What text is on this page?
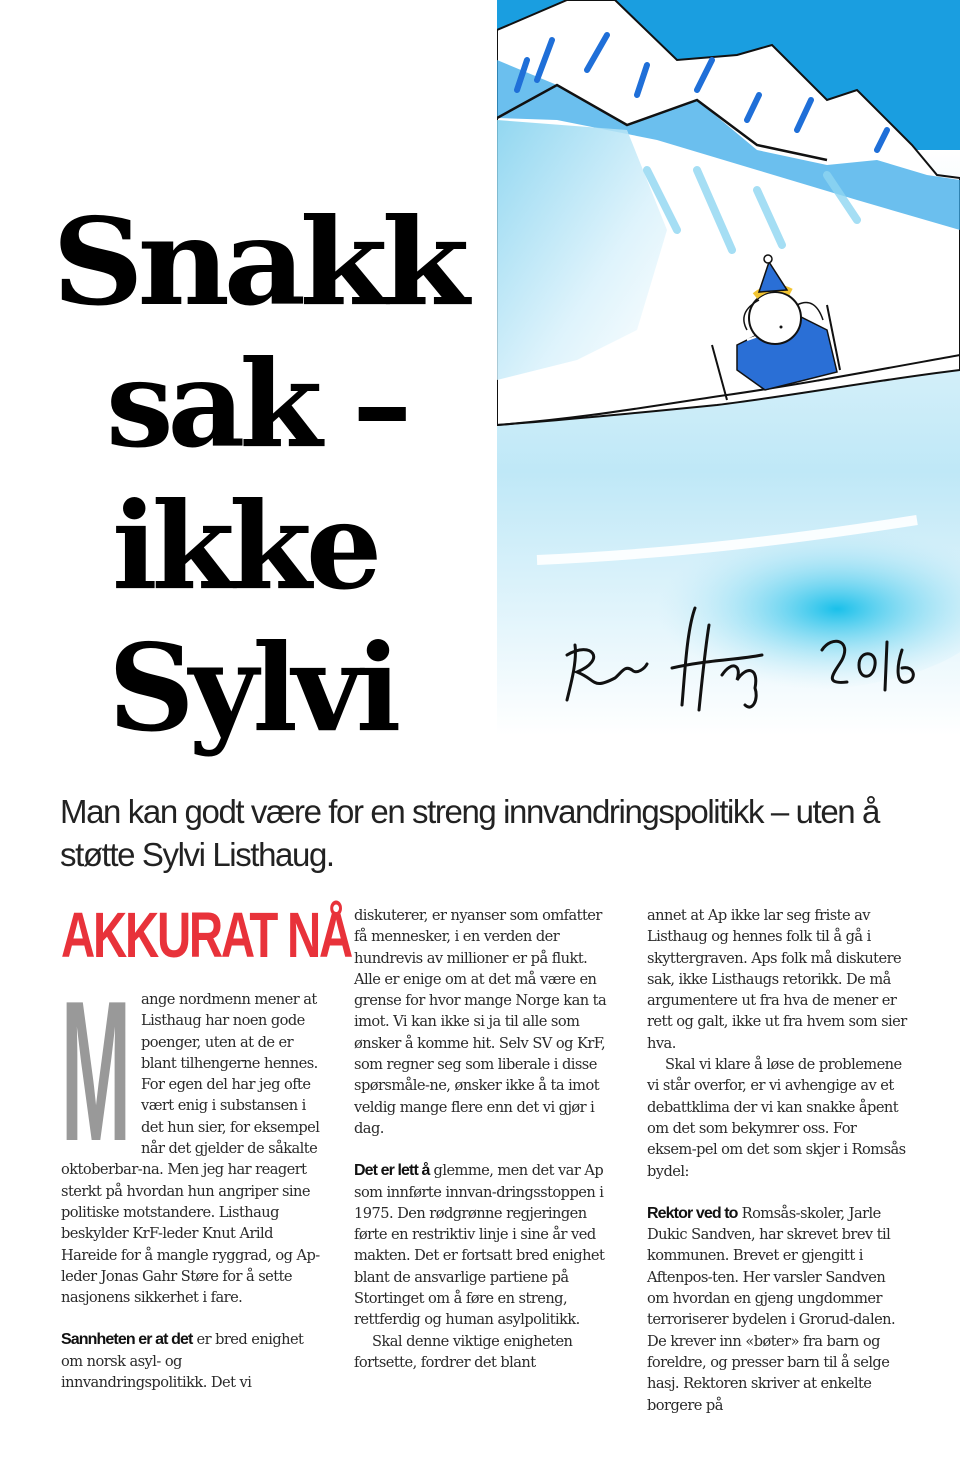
Snakk
sak –
ikke
Sylvi
Man kan godt være for en streng innvandringspolitikk – uten å støtte Sylvi Listhaug.
AKKURAT NÅ
M ange nordmenn mener at Listhaug har noen gode poenger, uten at de er blant tilhengerne hennes. For egen del har jeg ofte vært enig i substansen i det hun sier, for eksempel når det gjelder de såkalte oktoberbar-na. Men jeg har reagert sterkt på hvordan hun angriper sine politiske motstandere. Listhaug beskylder KrF-leder Knut Arild Hareide for å mangle ryggrad, og Ap-leder Jonas Gahr Støre for å sette nasjonens sikkerhet i fare.

Sannheten er at det er bred enighet om norsk asyl- og innvandringspolitikk. Det vi

diskuterer, er nyanser som omfatter få mennesker, i en verden der hundrevis av millioner er på flukt. Alle er enige om at det må være en grense for hvor mange Norge kan ta imot. Vi kan ikke si ja til alle som ønsker å komme hit. Selv SV og KrF, som regner seg som liberale i disse spørsmåle-ne, ønsker ikke å ta imot veldig mange flere enn det vi gjør i dag.

Det er lett å glemme, men det var Ap som innførte innvan-dringsstoppen i 1975. Den rødgrønne regjeringen førte en restriktiv linje i sine år ved makten. Det er fortsatt bred enighet blant de ansvarlige partiene på Stortinget om å føre en streng, rettferdig og human asylpolitikk.

Skal denne viktige enigheten fortsette, fordrer det blant

annet at Ap ikke lar seg friste av Listhaug og hennes folk til å gå i skyttergraven. Aps folk må diskutere sak, ikke Listhaugs retorikk. De må argumentere ut fra hva de mener er rett og galt, ikke ut fra hvem som sier hva.

Skal vi klare å løse de problemene vi står overfor, er vi avhengige av et debattklima der vi kan snakke åpent om det som bekymrer oss. For eksem-pel om det som skjer i Romsås bydel:

Rektor ved to Romsås-skoler, Jarle Dukic Sandven, har skrevet brev til kommunen. Brevet er gjengitt i Aftenpos-ten. Her varsler Sandven om hvordan en gjeng ungdommer terroriserer bydelen i Grorud-dalen. De krever inn «bøter» fra barn og foreldre, og presser barn til å selge hasj. Rektoren skriver at enkelte borgere på
